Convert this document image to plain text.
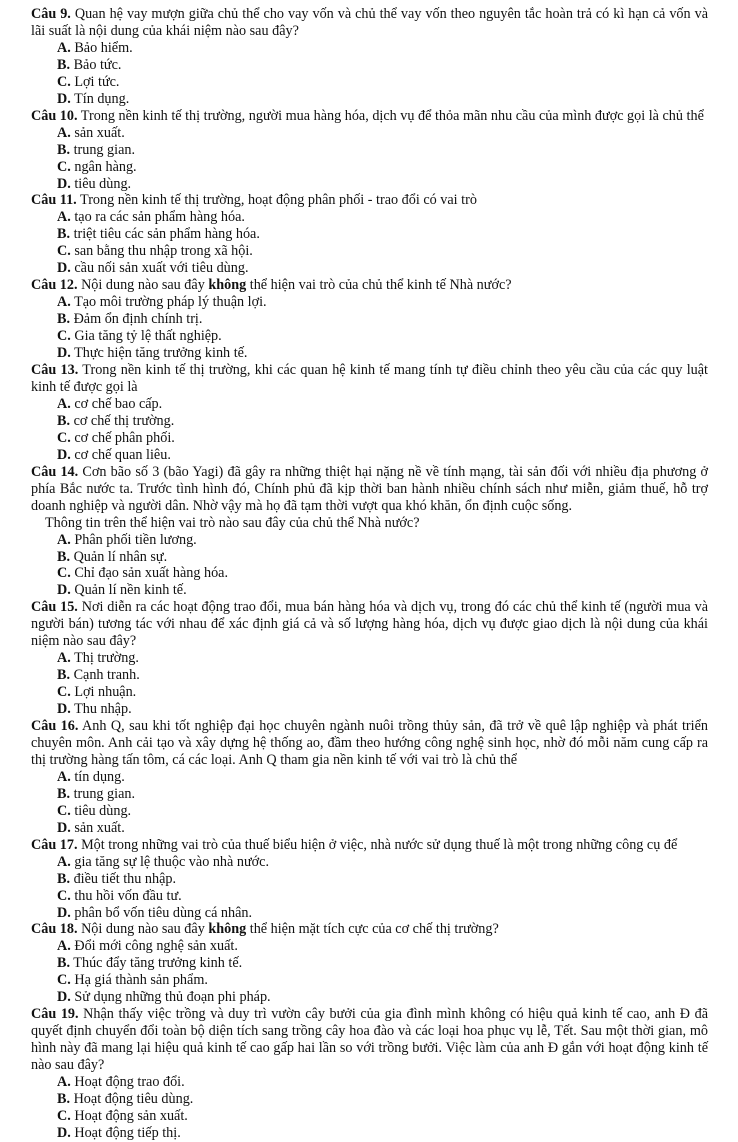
Câu 9. Quan hệ vay mượn giữa chủ thể cho vay vốn và chủ thể vay vốn theo nguyên tắc hoàn trả có kì hạn cả vốn và lãi suất là nội dung của khái niệm nào sau đây?
A. Bảo hiểm.
B. Bảo tức.
C. Lợi tức.
D. Tín dụng.
Câu 10. Trong nền kinh tế thị trường, người mua hàng hóa, dịch vụ để thỏa mãn nhu cầu của mình được gọi là chủ thể
A. sản xuất.
B. trung gian.
C. ngân hàng.
D. tiêu dùng.
Câu 11. Trong nền kinh tế thị trường, hoạt động phân phối - trao đổi có vai trò
A. tạo ra các sản phẩm hàng hóa.
B. triệt tiêu các sản phẩm hàng hóa.
C. san bằng thu nhập trong xã hội.
D. cầu nối sản xuất với tiêu dùng.
Câu 12. Nội dung nào sau đây không thể hiện vai trò của chủ thể kinh tế Nhà nước?
A. Tạo môi trường pháp lý thuận lợi.
B. Đảm ổn định chính trị.
C. Gia tăng tỷ lệ thất nghiệp.
D. Thực hiện tăng trưởng kinh tế.
Câu 13. Trong nền kinh tế thị trường, khi các quan hệ kinh tế mang tính tự điều chỉnh theo yêu cầu của các quy luật kinh tế được gọi là
A. cơ chế bao cấp.
B. cơ chế thị trường.
C. cơ chế phân phối.
D. cơ chế quan liêu.
Câu 14. Cơn bão số 3 (bão Yagi) đã gây ra những thiệt hại nặng nề về tính mạng, tài sản đối với nhiều địa phương ở phía Bắc nước ta. Trước tình hình đó, Chính phủ đã kịp thời ban hành nhiều chính sách như miễn, giảm thuế, hỗ trợ doanh nghiệp và người dân. Nhờ vậy mà họ đã tạm thời vượt qua khó khăn, ổn định cuộc sống.
Thông tin trên thể hiện vai trò nào sau đây của chủ thể Nhà nước?
A. Phân phối tiền lương.
B. Quản lí nhân sự.
C. Chỉ đạo sản xuất hàng hóa.
D. Quản lí nền kinh tế.
Câu 15. Nơi diễn ra các hoạt động trao đổi, mua bán hàng hóa và dịch vụ, trong đó các chủ thể kinh tế (người mua và người bán) tương tác với nhau để xác định giá cả và số lượng hàng hóa, dịch vụ được giao dịch là nội dung của khái niệm nào sau đây?
A. Thị trường.
B. Cạnh tranh.
C. Lợi nhuận.
D. Thu nhập.
Câu 16. Anh Q, sau khi tốt nghiệp đại học chuyên ngành nuôi trồng thủy sản, đã trở về quê lập nghiệp và phát triển chuyên môn. Anh cải tạo và xây dựng hệ thống ao, đầm theo hướng công nghệ sinh học, nhờ đó mỗi năm cung cấp ra thị trường hàng tấn tôm, cá các loại. Anh Q tham gia nền kinh tế với vai trò là chủ thể
A. tín dụng.
B. trung gian.
C. tiêu dùng.
D. sản xuất.
Câu 17. Một trong những vai trò của thuế biểu hiện ở việc, nhà nước sử dụng thuế là một trong những công cụ để
A. gia tăng sự lệ thuộc vào nhà nước.
B. điều tiết thu nhập.
C. thu hồi vốn đầu tư.
D. phân bổ vốn tiêu dùng cá nhân.
Câu 18. Nội dung nào sau đây không thể hiện mặt tích cực của cơ chế thị trường?
A. Đổi mới công nghệ sản xuất.
B. Thúc đẩy tăng trưởng kinh tế.
C. Hạ giá thành sản phẩm.
D. Sử dụng những thủ đoạn phi pháp.
Câu 19. Nhận thấy việc trồng và duy trì vườn cây bưởi của gia đình mình không có hiệu quả kinh tế cao, anh Đ đã quyết định chuyển đổi toàn bộ diện tích sang trồng cây hoa đào và các loại hoa phục vụ lễ, Tết. Sau một thời gian, mô hình này đã mang lại hiệu quả kinh tế cao gấp hai lần so với trồng bưởi. Việc làm của anh Đ gắn với hoạt động kinh tế nào sau đây?
A. Hoạt động trao đổi.
B. Hoạt động tiêu dùng.
C. Hoạt động sản xuất.
D. Hoạt động tiếp thị.
